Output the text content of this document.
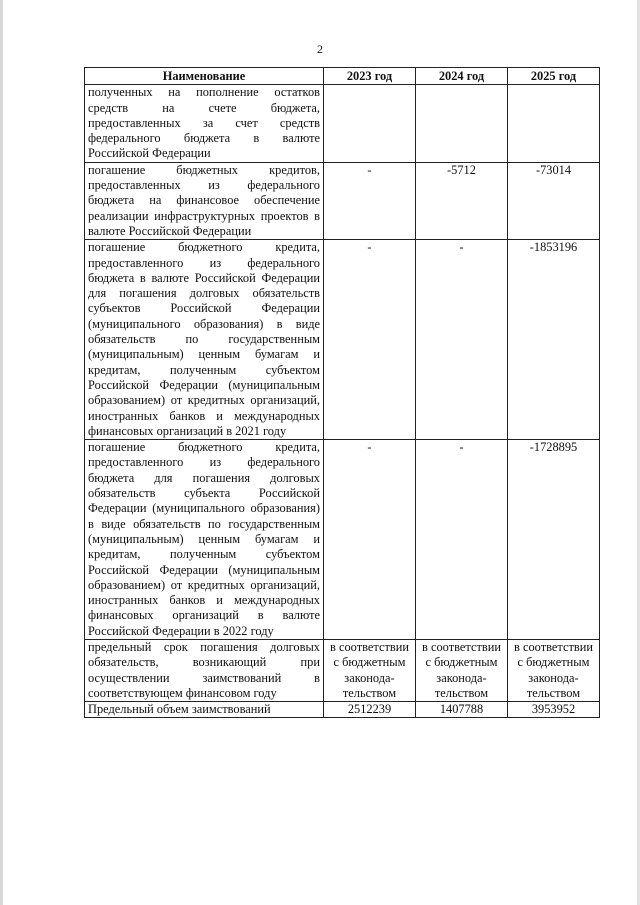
2
Наименование	2023 год	2024 год	2025 год
полученных на пополнение остатков средств на счете бюджета, предоставленных за счет средств федерального бюджета в валюте Российской Федерации			
погашение бюджетных кредитов, предоставленных из федерального бюджета на финансовое обеспечение реализации инфраструктурных проектов в валюте Российской Федерации	-	-5712	-73014
погашение бюджетного кредита, предоставленного из федерального бюджета в валюте Российской Федерации для погашения долговых обязательств субъектов Российской Федерации (муниципального образования) в виде обязательств по государственным (муниципальным) ценным бумагам и кредитам, полученным субъектом Российской Федерации (муниципальным образованием) от кредитных организаций, иностранных банков и международных финансовых организаций в 2021 году	-	-	-1853196
погашение бюджетного кредита, предоставленного из федерального бюджета для погашения долговых обязательств субъекта Российской Федерации (муниципального образования) в виде обязательств по государственным (муниципальным) ценным бумагам и кредитам, полученным субъектом Российской Федерации (муниципальным образованием) от кредитных организаций, иностранных банков и международных финансовых организаций в валюте Российской Федерации в 2022 году	-	-	-1728895
предельный срок погашения долговых обязательств, возникающий при осуществлении заимствований в соответствующем финансовом году	в соответствии с бюджетным законода-тельством	в соответствии с бюджетным законода-тельством	в соответствии с бюджетным законода-тельством
Предельный объем заимствований	2512239	1407788	3953952
